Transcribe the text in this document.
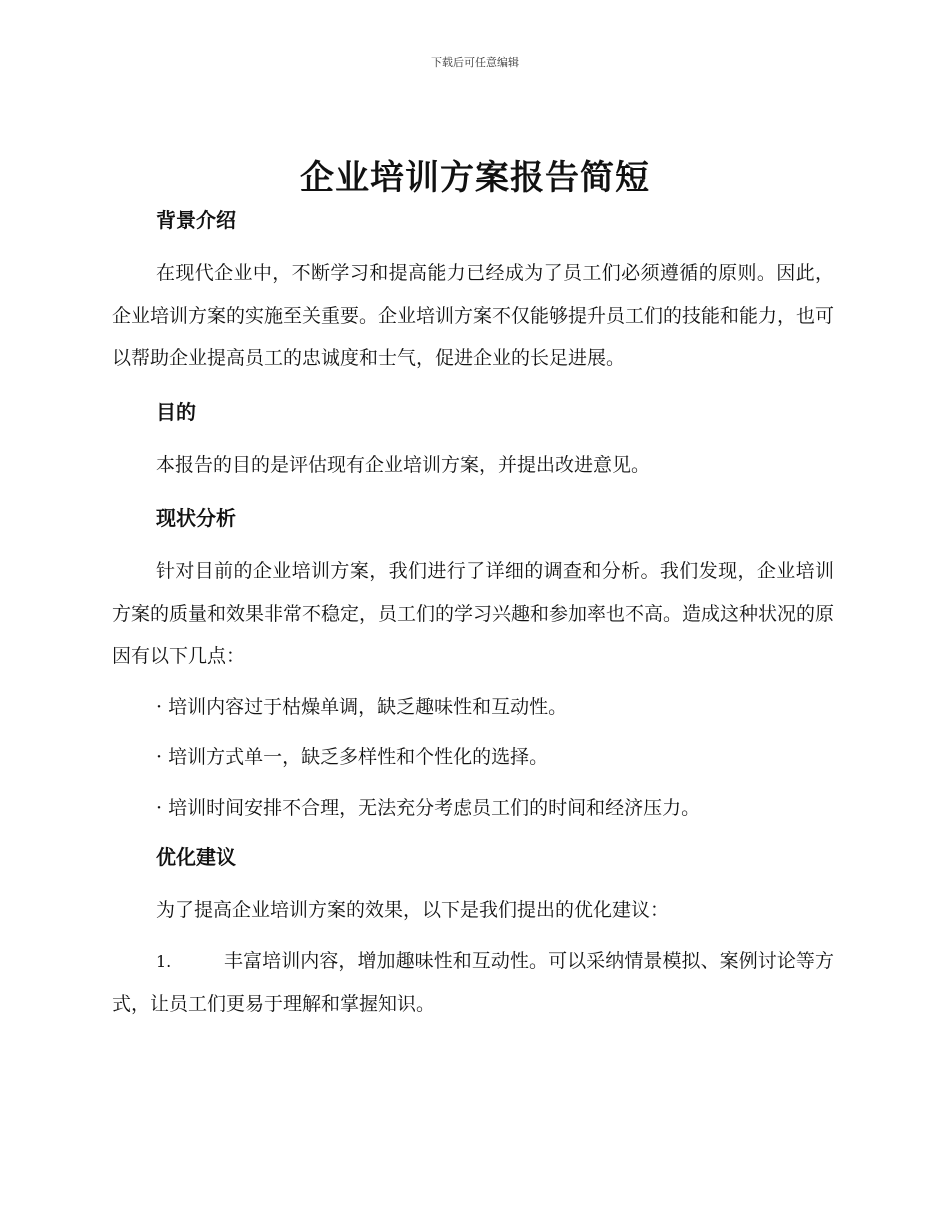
下载后可任意编辑
企业培训方案报告简短
背景介绍

在现代企业中，不断学习和提高能力已经成为了员工们必须遵循的原则。因此，企业培训方案的实施至关重要。企业培训方案不仅能够提升员工们的技能和能力，也可以帮助企业提高员工的忠诚度和士气，促进企业的长足进展。

目的

本报告的目的是评估现有企业培训方案，并提出改进意见。

现状分析

针对目前的企业培训方案，我们进行了详细的调查和分析。我们发现，企业培训方案的质量和效果非常不稳定，员工们的学习兴趣和参加率也不高。造成这种状况的原因有以下几点：

· 培训内容过于枯燥单调，缺乏趣味性和互动性。

· 培训方式单一，缺乏多样性和个性化的选择。

· 培训时间安排不合理，无法充分考虑员工们的时间和经济压力。

优化建议

为了提高企业培训方案的效果，以下是我们提出的优化建议：

1.	丰富培训内容，增加趣味性和互动性。可以采纳情景模拟、案例讨论等方式，让员工们更易于理解和掌握知识。
